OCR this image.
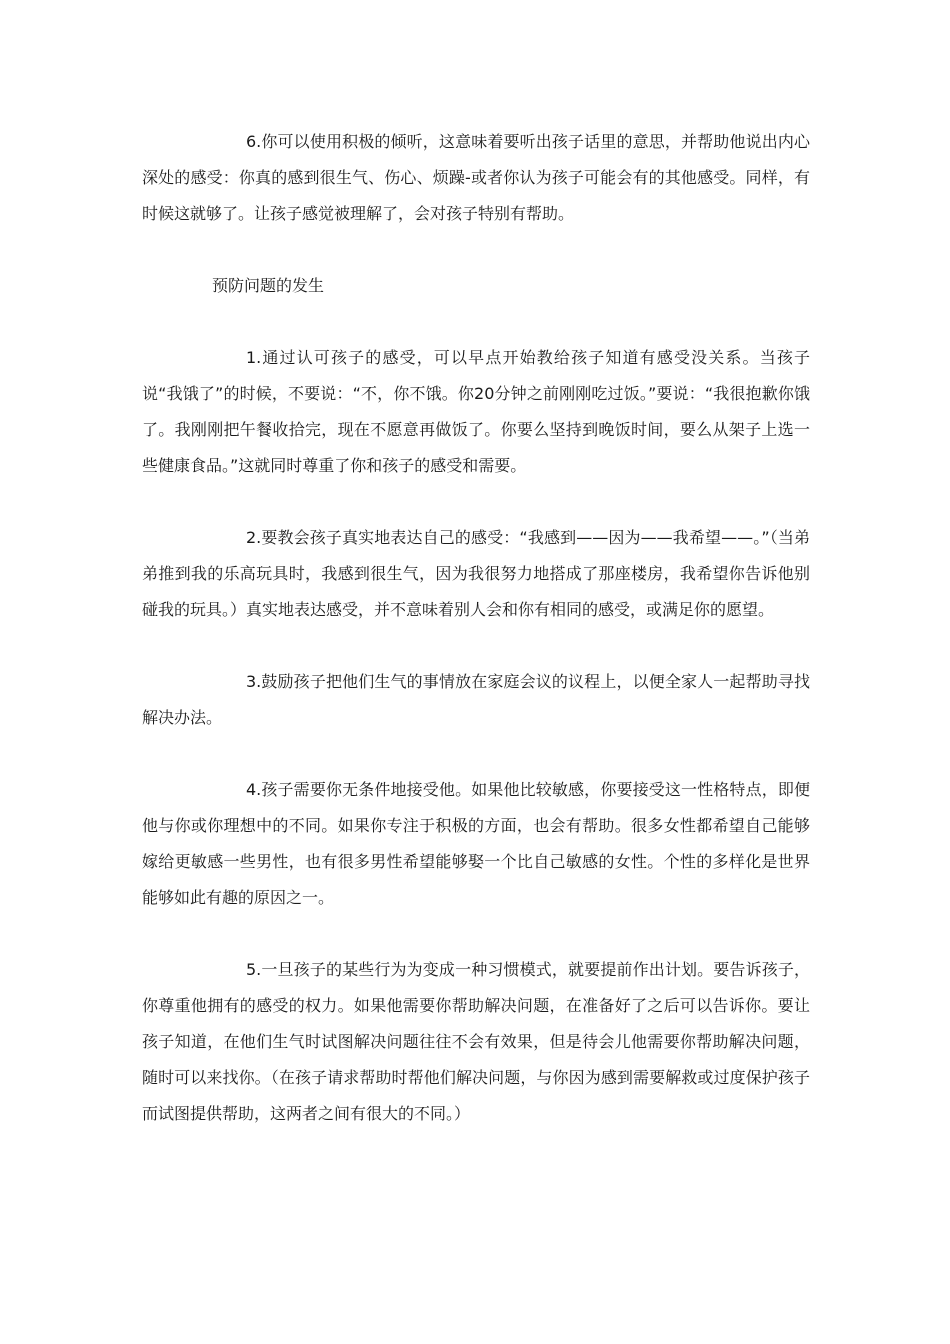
6.你可以使用积极的倾听，这意味着要听出孩子话里的意思，并帮助他说出内心深处的感受：你真的感到很生气、伤心、烦躁-或者你认为孩子可能会有的其他感受。同样，有时候这就够了。让孩子感觉被理解了，会对孩子特别有帮助。

预防问题的发生

1.通过认可孩子的感受，可以早点开始教给孩子知道有感受没关系。当孩子说“我饿了”的时候，不要说：“不，你不饿。你20分钟之前刚刚吃过饭。”要说：“我很抱歉你饿了。我刚刚把午餐收拾完，现在不愿意再做饭了。你要么坚持到晚饭时间，要么从架子上选一些健康食品。”这就同时尊重了你和孩子的感受和需要。

2.要教会孩子真实地表达自己的感受：“我感到——因为——我希望——。”（当弟弟推到我的乐高玩具时，我感到很生气，因为我很努力地搭成了那座楼房，我希望你告诉他别碰我的玩具。）真实地表达感受，并不意味着别人会和你有相同的感受，或满足你的愿望。

3.鼓励孩子把他们生气的事情放在家庭会议的议程上，以便全家人一起帮助寻找解决办法。

4.孩子需要你无条件地接受他。如果他比较敏感，你要接受这一性格特点，即便他与你或你理想中的不同。如果你专注于积极的方面，也会有帮助。很多女性都希望自己能够嫁给更敏感一些男性，也有很多男性希望能够娶一个比自己敏感的女性。个性的多样化是世界能够如此有趣的原因之一。

5.一旦孩子的某些行为为变成一种习惯模式，就要提前作出计划。要告诉孩子，你尊重他拥有的感受的权力。如果他需要你帮助解决问题，在准备好了之后可以告诉你。要让孩子知道，在他们生气时试图解决问题往往不会有效果，但是待会儿他需要你帮助解决问题，随时可以来找你。（在孩子请求帮助时帮他们解决问题，与你因为感到需要解救或过度保护孩子而试图提供帮助，这两者之间有很大的不同。）
